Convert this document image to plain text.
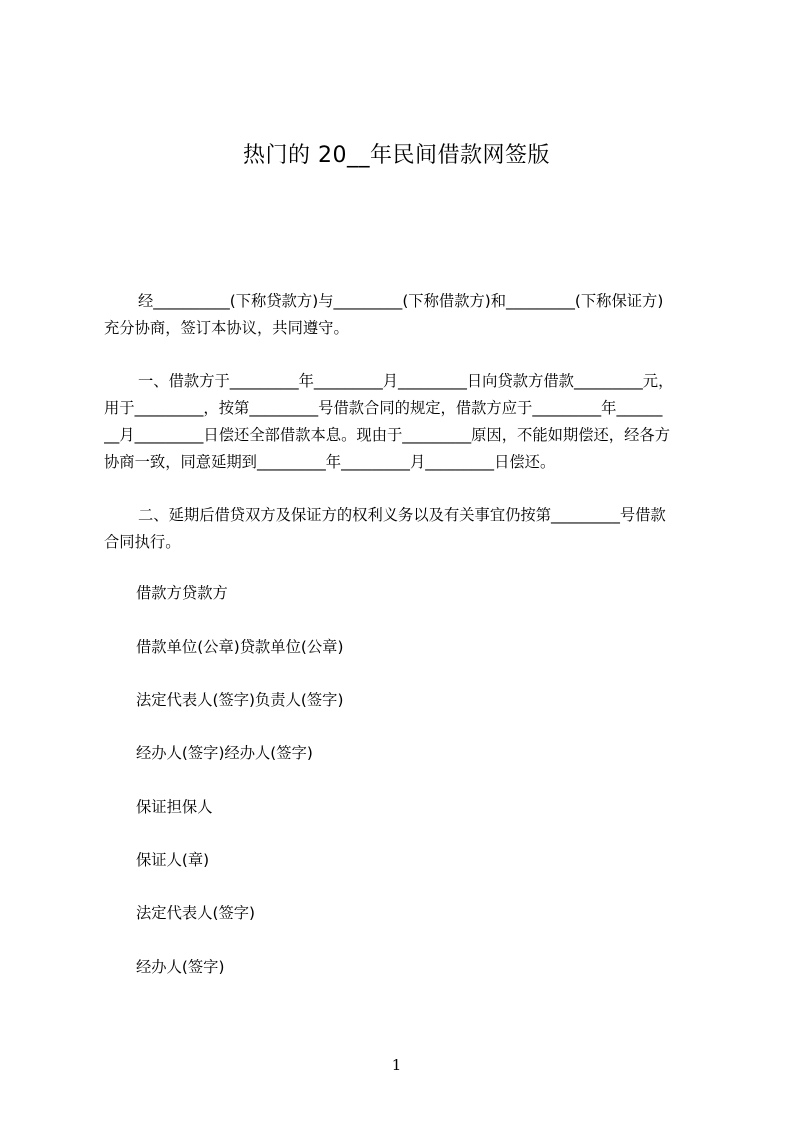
热门的 20__年民间借款网签版
经__________(下称贷款方)与_________(下称借款方)和_________(下称保证方)
充分协商，签订本协议，共同遵守。
一、借款方于_________年_________月_________日向贷款方借款_________元，
用于_________，按第_________号借款合同的规定，借款方应于_________年______
__月_________日偿还全部借款本息。现由于_________原因，不能如期偿还，经各方
协商一致，同意延期到_________年_________月_________日偿还。
二、延期后借贷双方及保证方的权利义务以及有关事宜仍按第_________号借款
合同执行。
借款方贷款方
借款单位(公章)贷款单位(公章)
法定代表人(签字)负责人(签字)
经办人(签字)经办人(签字)
保证担保人
保证人(章)
法定代表人(签字)
经办人(签字)
1
